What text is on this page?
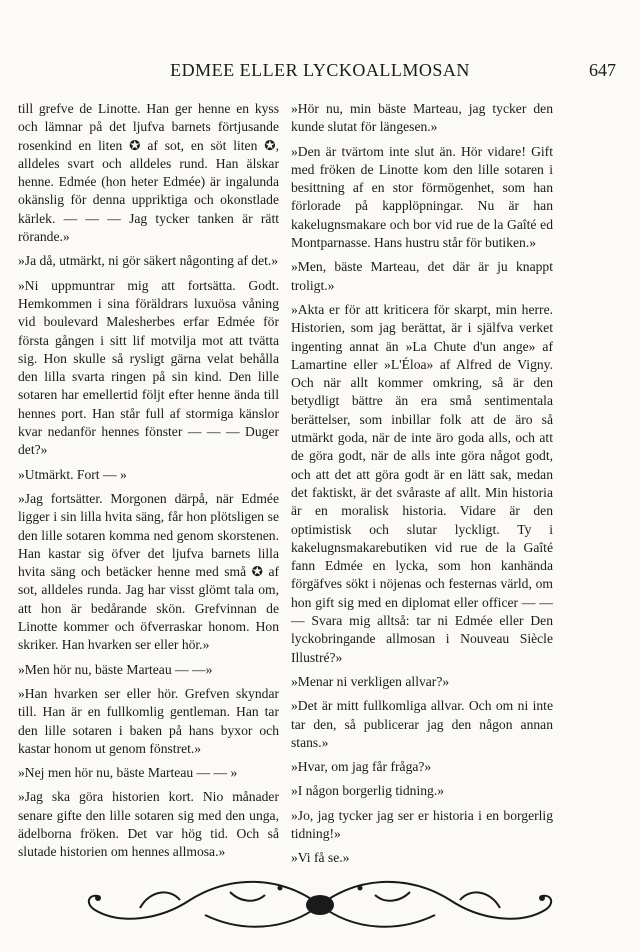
EDMEE ELLER LYCKOALLMOSAN	647

till grefve de Linotte. Han ger henne en kyss och lämnar på det ljufva barnets förtjusande rosenkind en liten ✪ af sot, en söt liten ✪, alldeles svart och alldeles rund. Han älskar henne. Edmée (hon heter Edmée) är ingalunda okänslig för denna uppriktiga och okonstlade kärlek. — — — Jag tycker tanken är rätt rörande.»

»Ja då, utmärkt, ni gör säkert någonting af det.»

»Ni uppmuntrar mig att fortsätta. Godt. Hemkommen i sina föräldrars luxuösa våning vid boulevard Malesherbes erfar Edmée för första gången i sitt lif motvilja mot att tvätta sig. Hon skulle så rysligt gärna velat behålla den lilla svarta ringen på sin kind. Den lille sotaren har emellertid följt efter henne ända till hennes port. Han står full af stormiga känslor kvar nedanför hennes fönster — — — Duger det?»

»Utmärkt. Fort — »

»Jag fortsätter. Morgonen därpå, när Edmée ligger i sin lilla hvita säng, får hon plötsligen se den lille sotaren komma ned genom skorstenen. Han kastar sig öfver det ljufva barnets lilla hvita säng och betäcker henne med små ✪ af sot, alldeles runda. Jag har visst glömt tala om, att hon är bedårande skön. Grefvinnan de Linotte kommer och öfverraskar honom. Hon skriker. Han hvarken ser eller hör.»

»Men hör nu, bäste Marteau — —»

»Han hvarken ser eller hör. Grefven skyndar till. Han är en fullkomlig gentleman. Han tar den lille sotaren i baken på hans byxor och kastar honom ut genom fönstret.»

»Nej men hör nu, bäste Marteau — — »

»Jag ska göra historien kort. Nio månader senare gifte den lille sotaren sig med den unga, ädelborna fröken. Det var hög tid. Och så slutade historien om hennes allmosa.»

»Hör nu, min bäste Marteau, jag tycker den kunde slutat för längesen.»

»Den är tvärtom inte slut än. Hör vidare! Gift med fröken de Linotte kom den lille sotaren i besittning af en stor förmögenhet, som han förlorade på kapplöpningar. Nu är han kakelugnsmakare och bor vid rue de la Gaîté ed Montparnasse. Hans hustru står för butiken.»

»Men, bäste Marteau, det där är ju knappt troligt.»

»Akta er för att kriticera för skarpt, min herre. Historien, som jag berättat, är i själfva verket ingenting annat än »La Chute d'un ange» af Lamartine eller »L'Éloa» af Alfred de Vigny. Och när allt kommer omkring, så är den betydligt bättre än era små sentimentala berättelser, som inbillar folk att de äro så utmärkt goda, när de inte äro goda alls, och att de göra godt, när de alls inte göra något godt, och att det att göra godt är en lätt sak, medan det faktiskt, är det svåraste af allt. Min historia är en moralisk historia. Vidare är den optimistisk och slutar lyckligt. Ty i kakelugnsmakarebutiken vid rue de la Gaîté fann Edmée en lycka, som hon kanhända förgäfves sökt i nöjenas och festernas värld, om hon gift sig med en diplomat eller officer — — — Svara mig alltså: tar ni Edmée eller Den lyckobringande allmosan i Nouveau Siècle Illustré?»

»Menar ni verkligen allvar?»

»Det är mitt fullkomliga allvar. Och om ni inte tar den, så publicerar jag den någon annan stans.»

»Hvar, om jag får fråga?»

»I någon borgerlig tidning.»

»Jo, jag tycker jag ser er historia i en borgerlig tidning!»

»Vi få se.»
